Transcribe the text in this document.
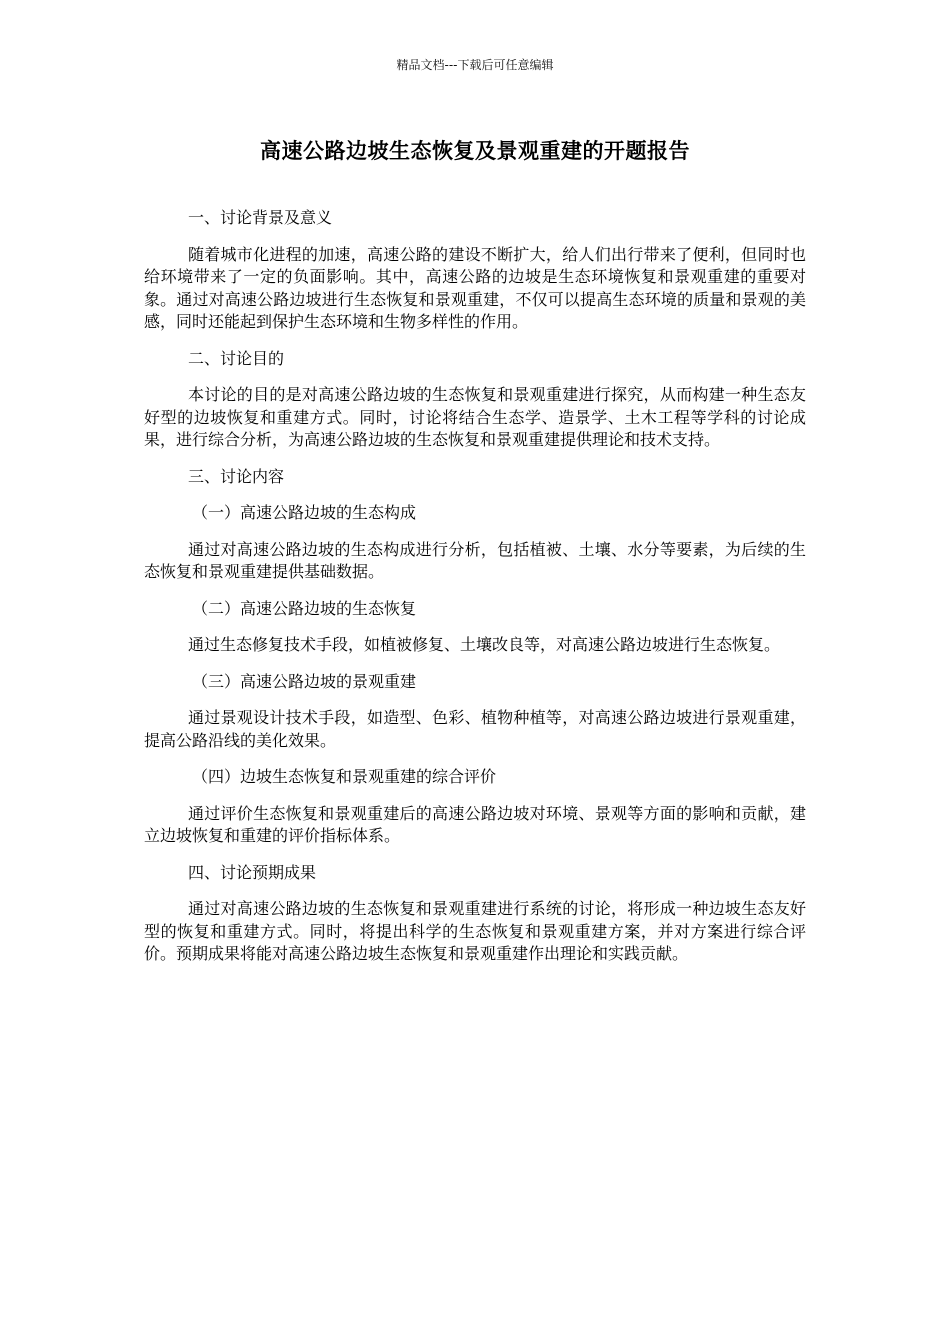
精品文档---下载后可任意编辑
高速公路边坡生态恢复及景观重建的开题报告

一、讨论背景及意义

随着城市化进程的加速，高速公路的建设不断扩大，给人们出行带来了便利，但同时也给环境带来了一定的负面影响。其中，高速公路的边坡是生态环境恢复和景观重建的重要对象。通过对高速公路边坡进行生态恢复和景观重建，不仅可以提高生态环境的质量和景观的美感，同时还能起到保护生态环境和生物多样性的作用。

二、讨论目的

本讨论的目的是对高速公路边坡的生态恢复和景观重建进行探究，从而构建一种生态友好型的边坡恢复和重建方式。同时，讨论将结合生态学、造景学、土木工程等学科的讨论成果，进行综合分析，为高速公路边坡的生态恢复和景观重建提供理论和技术支持。

三、讨论内容

（一）高速公路边坡的生态构成

通过对高速公路边坡的生态构成进行分析，包括植被、土壤、水分等要素，为后续的生态恢复和景观重建提供基础数据。

（二）高速公路边坡的生态恢复

通过生态修复技术手段，如植被修复、土壤改良等，对高速公路边坡进行生态恢复。

（三）高速公路边坡的景观重建

通过景观设计技术手段，如造型、色彩、植物种植等，对高速公路边坡进行景观重建，提高公路沿线的美化效果。

（四）边坡生态恢复和景观重建的综合评价

通过评价生态恢复和景观重建后的高速公路边坡对环境、景观等方面的影响和贡献，建立边坡恢复和重建的评价指标体系。

四、讨论预期成果

通过对高速公路边坡的生态恢复和景观重建进行系统的讨论，将形成一种边坡生态友好型的恢复和重建方式。同时，将提出科学的生态恢复和景观重建方案，并对方案进行综合评价。预期成果将能对高速公路边坡生态恢复和景观重建作出理论和实践贡献。
